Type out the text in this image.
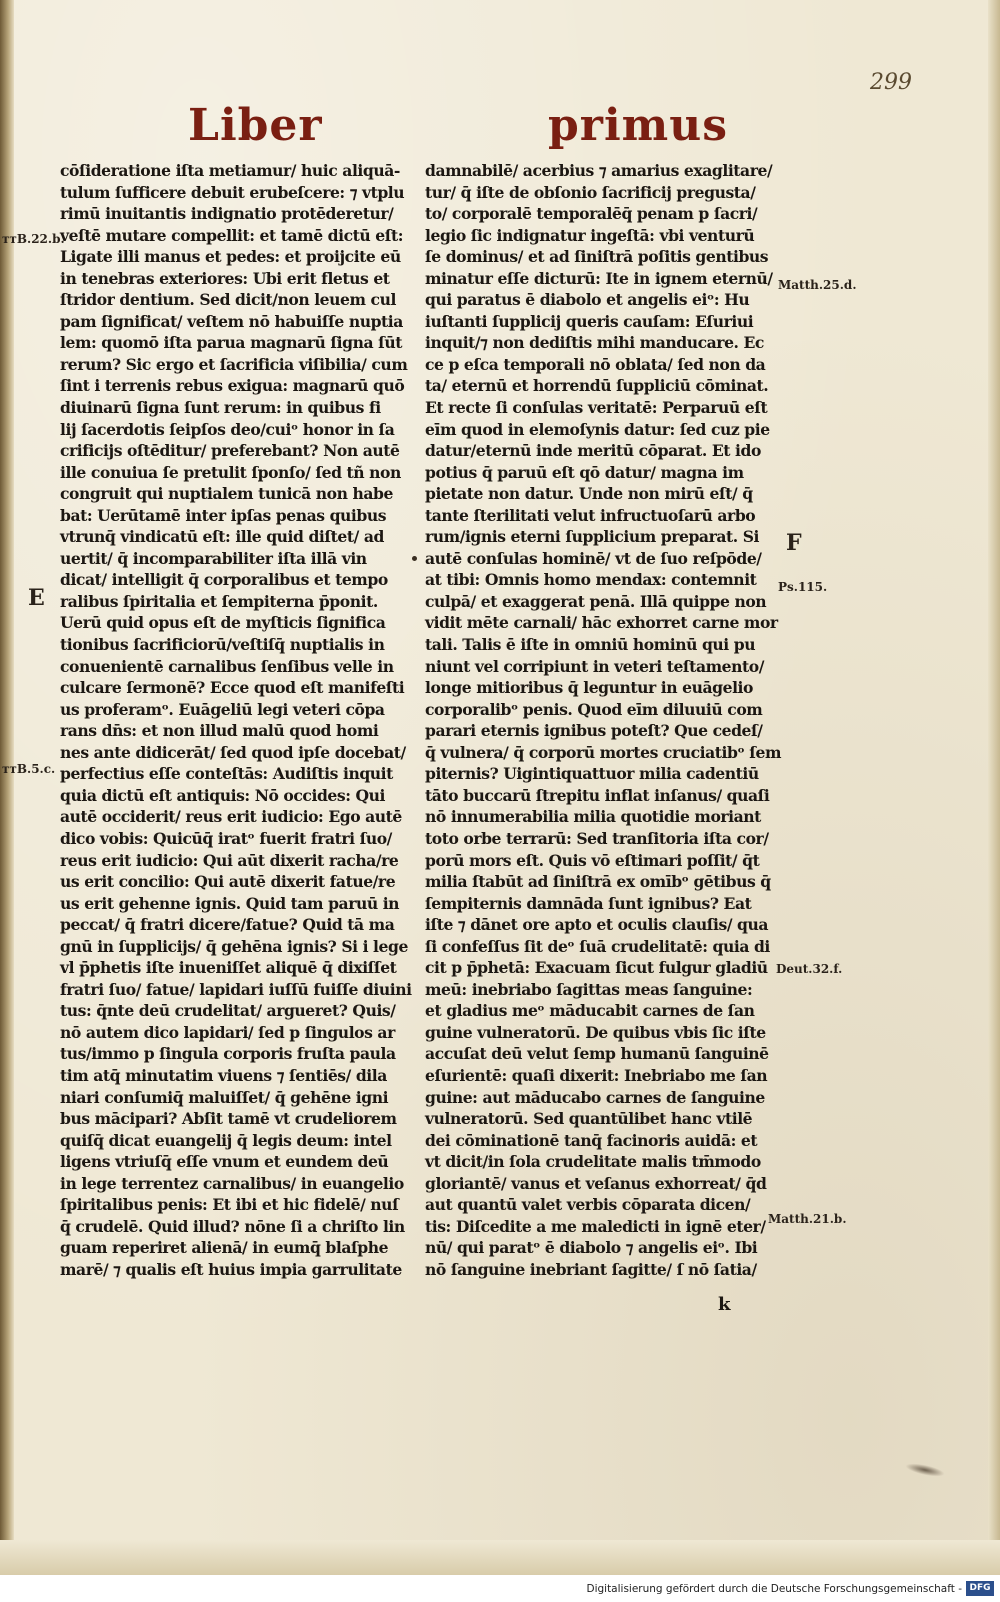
299
Liber	primus
cōſideratione iſta metiamur/ huic aliquā-
tulum ſufficere debuit erubeſcere: ⁊ vtplu
rimū inuitantis indignatio protēderetur/
veſtē mutare compellit: et tamē dictū eſt:
Ligate illi manus et pedes: et proijcite eū
in tenebras exteriores: Ubi erit fletus et
ſtridor dentium. Sed dicit/non leuem cul
pam ſignificat/ veſtem nō habuiſſe nuptia
lem: quomō iſta parua magnarū ſigna ſūt
rerum? Sic ergo et ſacrificia viſibilia/ cum
ſint i terrenis rebus exigua: magnarū quō
diuinarū ſigna ſunt rerum: in quibus fi
lij ſacerdotis ſeipſos deo/cuiᵒ honor in ſa
crificijs oſtēditur/ preferebant? Non autē
ille conuiua ſe pretulit ſponſo/ ſed tñ non
congruit qui nuptialem tunicā non habe
bat: Uerūtamē inter ipſas penas quibus
vtrunq̄ vindicatū eſt: ille quid diſtet/ ad
uertit/ q̄ incomparabiliter iſta illā vin
dicat/ intelligit q̄ corporalibus et tempo
ralibus ſpiritalia et ſempiterna p̄ponit.
Uerū quid opus eſt de myſticis ſignifica
tionibus ſacrificiorū/veſtiſq̄ nuptialis in
conuenientē carnalibus ſenſibus velle in
culcare ſermonē? Ecce quod eſt manifeſti
us proferamᵒ. Euāgeliū legi veteri cōpa
rans dn̄s: et non illud malū quod homi
nes ante didicerāt/ ſed quod ipſe docebat/
perfectius eſſe conteſtās: Audiſtis inquit
quia dictū eſt antiquis: Nō occides: Qui
autē occiderit/ reus erit iudicio: Ego autē
dico vobis: Quicūq̄ iratᵒ fuerit fratri ſuo/
reus erit iudicio: Qui aūt dixerit racha/re
us erit concilio: Qui autē dixerit fatue/re
us erit gehenne ignis. Quid tam paruū in
peccat/ q̄ fratri dicere/fatue? Quid tā ma
gnū in ſupplicijs/ q̄ gehēna ignis? Si i lege
vl p̄phetis iſte inueniſſet aliquē q̄ dixiſſet
fratri ſuo/ fatue/ lapidari iuſſū fuiſſe diuini
tus: q̄nte deū crudelitat/ argueret? Quis/
nō autem dico lapidari/ ſed p ſingulos ar
tus/immo p ſingula corporis fruſta paula
tim atq̄ minutatim viuens ⁊ ſentiēs/ dila
niari conſumiq̄ maluiſſet/ q̄ gehēne igni
bus mācipari? Abſit tamē vt crudeliorem
quiſq̄ dicat euangelij q̄ legis deum: intel
ligens vtriuſq̄ eſſe vnum et eundem deū
in lege terrentez carnalibus/ in euangelio
ſpiritalibus penis: Et ibi et hic fidelē/ nuſ
q̄ crudelē. Quid illud? nōne ſi a chriſto lin
guam reperiret alienā/ in eumq̄ blaſphe
marē/ ⁊ qualis eſt huius impia garrulitate
damnabilē/ acerbius ⁊ amarius exaglitare/
tur/ q̄ iſte de obſonio ſacrificij pregusta/
to/ corporalē temporalēq̄ penam p ſacri/
legio ſic indignatur ingeſtā: vbi venturū
ſe dominus/ et ad ſiniſtrā poſitis gentibus
minatur eſſe dicturū: Ite in ignem eternū/
qui paratus ē diabolo et angelis eiᵒ: Hu
iuſtanti ſupplicij queris cauſam: Eſuriui
inquit/⁊ non dediſtis mihi manducare. Ec
ce p eſca temporali nō oblata/ ſed non da
ta/ eternū et horrendū ſuppliciū cōminat.
Et recte ſi conſulas veritatē: Perparuū eſt
eīm quod in elemoſynis datur: ſed cuz pie
datur/eternū inde meritū cōparat. Et ido
potius q̄ paruū eſt qō datur/ magna im
pietate non datur. Unde non mirū eſt/ q̄
tante ſterilitati velut infructuoſarū arbo
rum/ignis eterni ſupplicium preparat. Si
autē conſulas hominē/ vt de ſuo reſpōde/
at tibi: Omnis homo mendax: contemnit
culpā/ et exaggerat penā. Illā quippe non
vidit mēte carnali/ hāc exhorret carne mor
tali. Talis ē iſte in omniū hominū qui pu
niunt vel corripiunt in veteri teſtamento/
longe mitioribus q̄ leguntur in euāgelio
corporalibᵒ penis. Quod eīm diluuiū com
parari eternis ignibus poteſt? Que cedeſ/
q̄ vulnera/ q̄ corporū mortes cruciatibᵒ ſem
piternis? Uigintiquattuor milia cadentiū
tāto buccarū ſtrepitu inflat inſanus/ quaſi
nō innumerabilia milia quotidie moriant
toto orbe terrarū: Sed tranſitoria iſta cor/
porū mors eſt. Quis vō eſtimari poſſit/ q̄t
milia ſtabūt ad ſiniſtrā ex omībᵒ gētibus q̄
ſempiternis damnāda ſunt ignibus? Eat
iſte ⁊ dānet ore apto et oculis clauſis/ qua
ſi confeſſus ſit deᵒ ſuā crudelitatē: quia di
cit p p̄phetā: Exacuam ſicut fulgur gladiū
meū: inebriabo ſagittas meas ſanguine:
et gladius meᵒ māducabit carnes de ſan
guine vulneratorū. De quibus vbis ſic iſte
accuſat deū velut ſemp humanū ſanguinē
eſurientē: quaſi dixerit: Inebriabo me ſan
guine: aut māducabo carnes de ſanguine
vulneratorū. Sed quantūlibet hanc vtilē
dei cōminationē tanq̄ facinoris auidā: et
vt dicit/in ſola crudelitate malis tm̄modo
gloriantē/ vanus et veſanus exhorreat/ q̄d
aut quantū valet verbis cōparata dicen/
tis: Diſcedite a me maledicti in ignē eter/
nū/ qui paratᵒ ē diabolo ⁊ angelis eiᵒ. Ibi
nō ſanguine inebriant ſagitte/ ſ nō ſatia/
ᴛᴛB.22.b.
E
ᴛᴛB.5.c.
Matth.25.d.
F
Ps.115.
Deut.32.f.
Matth.21.b.
k
Digitalisierung gefördert durch die Deutsche Forschungsgemeinschaft - DFG
